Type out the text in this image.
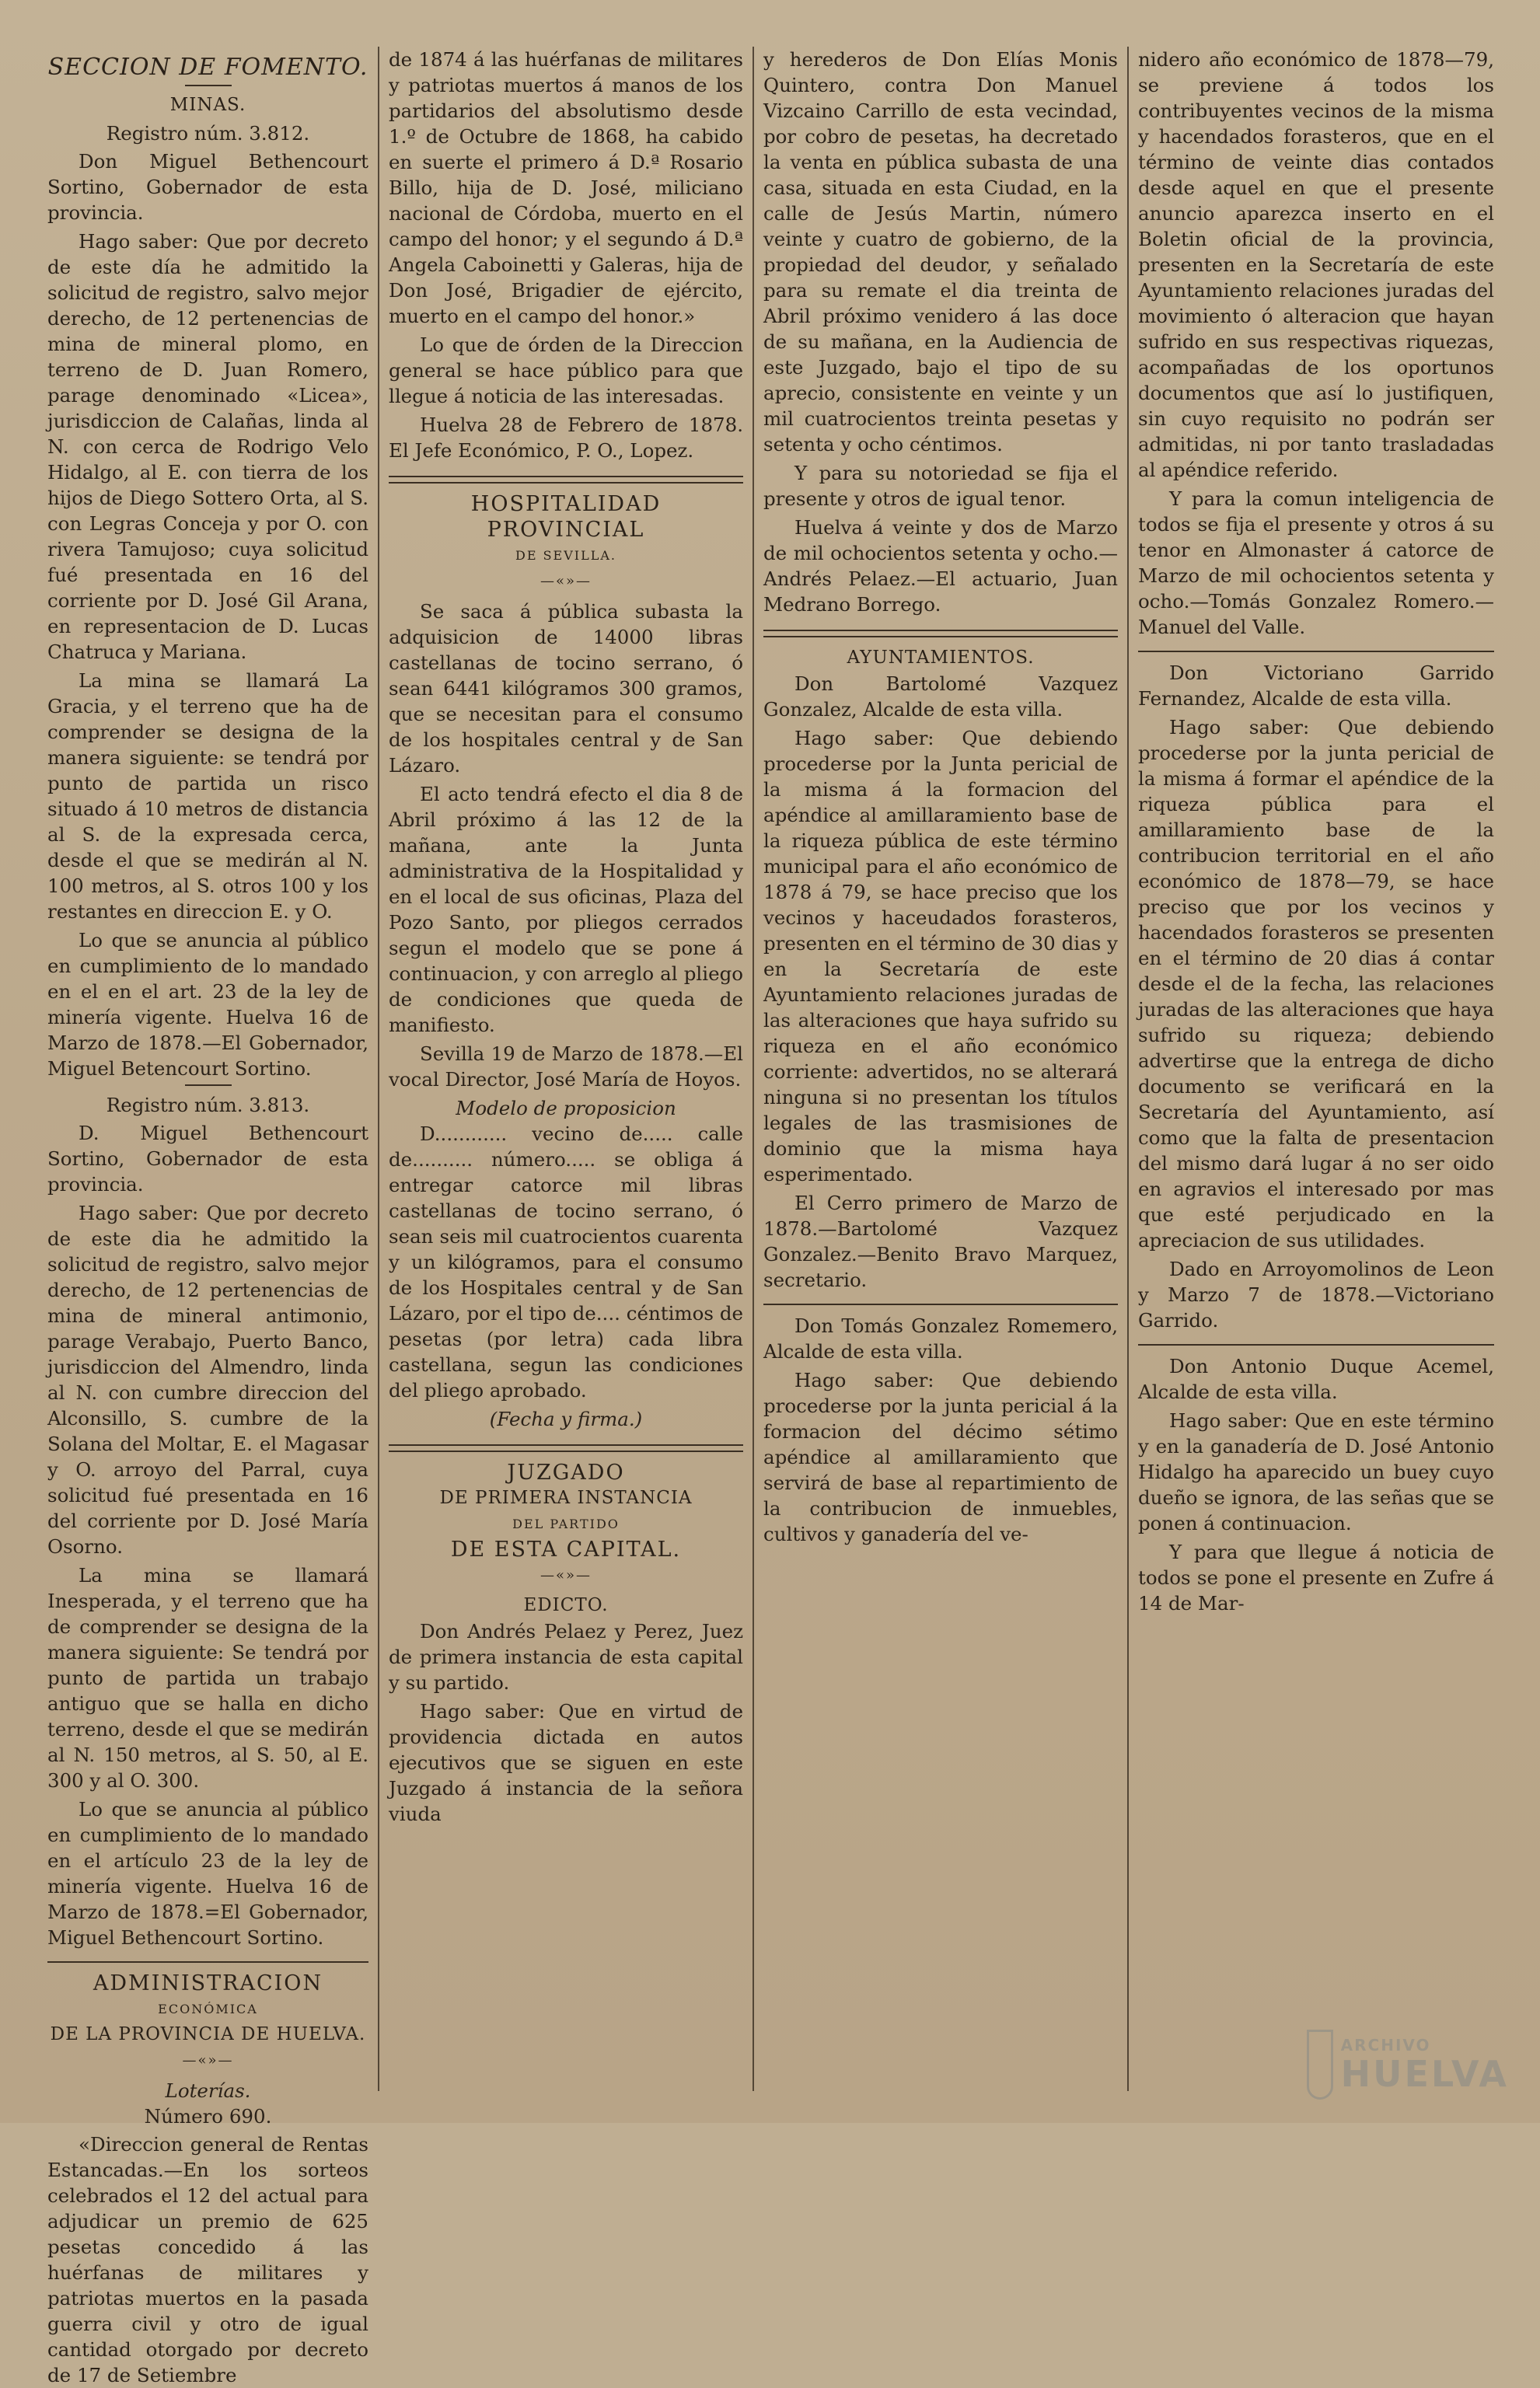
SECCION DE FOMENTO.
MINAS.
Registro núm. 3.812.

Don Miguel Bethencourt Sortino, Gobernador de esta provincia.

Hago saber: Que por decreto de este día he admitido la solicitud de registro, salvo mejor derecho, de 12 pertenencias de mina de mineral plomo, en terreno de D. Juan Romero, parage denominado «Licea», jurisdiccion de Calañas, linda al N. con cerca de Rodrigo Velo Hidalgo, al E. con tierra de los hijos de Diego Sottero Orta, al S. con Legras Conceja y por O. con rivera Tamujoso; cuya solicitud fué presentada en 16 del corriente por D. José Gil Arana, en representacion de D. Lucas Chatruca y Mariana.

La mina se llamará La Gracia, y el terreno que ha de comprender se designa de la manera siguiente: se tendrá por punto de partida un risco situado á 10 metros de distancia al S. de la expresada cerca, desde el que se medirán al N. 100 metros, al S. otros 100 y los restantes en direccion E. y O.

Lo que se anuncia al público en cumplimiento de lo mandado en el en el art. 23 de la ley de minería vigente. Huelva 16 de Marzo de 1878.—El Gobernador, Miguel Betencourt Sortino.

Registro núm. 3.813.

D. Miguel Bethencourt Sortino, Gobernador de esta provincia.

Hago saber: Que por decreto de este dia he admitido la solicitud de registro, salvo mejor derecho, de 12 pertenencias de mina de mineral antimonio, parage Verabajo, Puerto Banco, jurisdiccion del Almendro, linda al N. con cumbre direccion del Alconsillo, S. cumbre de la Solana del Moltar, E. el Magasar y O. arroyo del Parral, cuya solicitud fué presentada en 16 del corriente por D. José María Osorno.

La mina se llamará Inesperada, y el terreno que ha de comprender se designa de la manera siguiente: Se tendrá por punto de partida un trabajo antiguo que se halla en dicho terreno, desde el que se medirán al N. 150 metros, al S. 50, al E. 300 y al O. 300.

Lo que se anuncia al público en cumplimiento de lo mandado en el artículo 23 de la ley de minería vigente. Huelva 16 de Marzo de 1878.=El Gobernador, Miguel Bethencourt Sortino.

ADMINISTRACION
ECONÓMICA
DE LA PROVINCIA DE HUELVA.
—«»—
Loterías.
Número 690.

«Direccion general de Rentas Estancadas.—En los sorteos celebrados el 12 del actual para adjudicar un premio de 625 pesetas concedido á las huérfanas de militares y patriotas muertos en la pasada guerra civil y otro de igual cantidad otorgado por decreto de 17 de Setiembre

de 1874 á las huérfanas de militares y patriotas muertos á manos de los partidarios del absolutismo desde 1.º de Octubre de 1868, ha cabido en suerte el primero á D.ª Rosario Billo, hija de D. José, miliciano nacional de Córdoba, muerto en el campo del honor; y el segundo á D.ª Angela Caboinetti y Galeras, hija de Don José, Brigadier de ejército, muerto en el campo del honor.»

Lo que de órden de la Direccion general se hace público para que llegue á noticia de las interesadas.

Huelva 28 de Febrero de 1878. El Jefe Económico, P. O., Lopez.

HOSPITALIDAD PROVINCIAL
DE SEVILLA.
—«»—

Se saca á pública subasta la adquisicion de 14000 libras castellanas de tocino serrano, ó sean 6441 kilógramos 300 gramos, que se necesitan para el consumo de los hospitales central y de San Lázaro.

El acto tendrá efecto el dia 8 de Abril próximo á las 12 de la mañana, ante la Junta administrativa de la Hospitalidad y en el local de sus oficinas, Plaza del Pozo Santo, por pliegos cerrados segun el modelo que se pone á continuacion, y con arreglo al pliego de condiciones que queda de manifiesto.

Sevilla 19 de Marzo de 1878.—El vocal Director, José María de Hoyos.

Modelo de proposicion

D............ vecino de..... calle de.......... número..... se obliga á entregar catorce mil libras castellanas de tocino serrano, ó sean seis mil cuatrocientos cuarenta y un kilógramos, para el consumo de los Hospitales central y de San Lázaro, por el tipo de.... céntimos de pesetas (por letra) cada libra castellana, segun las condiciones del pliego aprobado.

(Fecha y firma.)
JUZGADO
DE PRIMERA INSTANCIA
DEL PARTIDO
DE ESTA CAPITAL.
—«»—
EDICTO.

Don Andrés Pelaez y Perez, Juez de primera instancia de esta capital y su partido.

Hago saber: Que en virtud de providencia dictada en autos ejecutivos que se siguen en este Juzgado á instancia de la señora viuda

y herederos de Don Elías Monis Quintero, contra Don Manuel Vizcaino Carrillo de esta vecindad, por cobro de pesetas, ha decretado la venta en pública subasta de una casa, situada en esta Ciudad, en la calle de Jesús Martin, número veinte y cuatro de gobierno, de la propiedad del deudor, y señalado para su remate el dia treinta de Abril próximo venidero á las doce de su mañana, en la Audiencia de este Juzgado, bajo el tipo de su aprecio, consistente en veinte y un mil cuatrocientos treinta pesetas y setenta y ocho céntimos.

Y para su notoriedad se fija el presente y otros de igual tenor.

Huelva á veinte y dos de Marzo de mil ochocientos setenta y ocho.—Andrés Pelaez.—El actuario, Juan Medrano Borrego.

AYUNTAMIENTOS.

Don Bartolomé Vazquez Gonzalez, Alcalde de esta villa.

Hago saber: Que debiendo procederse por la Junta pericial de la misma á la formacion del apéndice al amillaramiento base de la riqueza pública de este término municipal para el año económico de 1878 á 79, se hace preciso que los vecinos y haceudados forasteros, presenten en el término de 30 dias y en la Secretaría de este Ayuntamiento relaciones juradas de las alteraciones que haya sufrido su riqueza en el año económico corriente: advertidos, no se alterará ninguna si no presentan los títulos legales de las trasmisiones de dominio que la misma haya esperimentado.

El Cerro primero de Marzo de 1878.—Bartolomé Vazquez Gonzalez.—Benito Bravo Marquez, secretario.

Don Tomás Gonzalez Romemero, Alcalde de esta villa.

Hago saber: Que debiendo procederse por la junta pericial á la formacion del décimo sétimo apéndice al amillaramiento que servirá de base al repartimiento de la contribucion de inmuebles, cultivos y ganadería del ve-

nidero año económico de 1878—79, se previene á todos los contribuyentes vecinos de la misma y hacendados forasteros, que en el término de veinte dias contados desde aquel en que el presente anuncio aparezca inserto en el Boletin oficial de la provincia, presenten en la Secretaría de este Ayuntamiento relaciones juradas del movimiento ó alteracion que hayan sufrido en sus respectivas riquezas, acompañadas de los oportunos documentos que así lo justifiquen, sin cuyo requisito no podrán ser admitidas, ni por tanto trasladadas al apéndice referido.

Y para la comun inteligencia de todos se fija el presente y otros á su tenor en Almonaster á catorce de Marzo de mil ochocientos setenta y ocho.—Tomás Gonzalez Romero.—Manuel del Valle.

Don Victoriano Garrido Fernandez, Alcalde de esta villa.

Hago saber: Que debiendo procederse por la junta pericial de la misma á formar el apéndice de la riqueza pública para el amillaramiento base de la contribucion territorial en el año económico de 1878—79, se hace preciso que por los vecinos y hacendados forasteros se presenten en el término de 20 dias á contar desde el de la fecha, las relaciones juradas de las alteraciones que haya sufrido su riqueza; debiendo advertirse que la entrega de dicho documento se verificará en la Secretaría del Ayuntamiento, así como que la falta de presentacion del mismo dará lugar á no ser oido en agravios el interesado por mas que esté perjudicado en la apreciacion de sus utilidades.

Dado en Arroyomolinos de Leon y Marzo 7 de 1878.—Victoriano Garrido.

Don Antonio Duque Acemel, Alcalde de esta villa.

Hago saber: Que en este término y en la ganadería de D. José Antonio Hidalgo ha aparecido un buey cuyo dueño se ignora, de las señas que se ponen á continuacion.

Y para que llegue á noticia de todos se pone el presente en Zufre á 14 de Mar-

ARCHIVO
HUELVA
